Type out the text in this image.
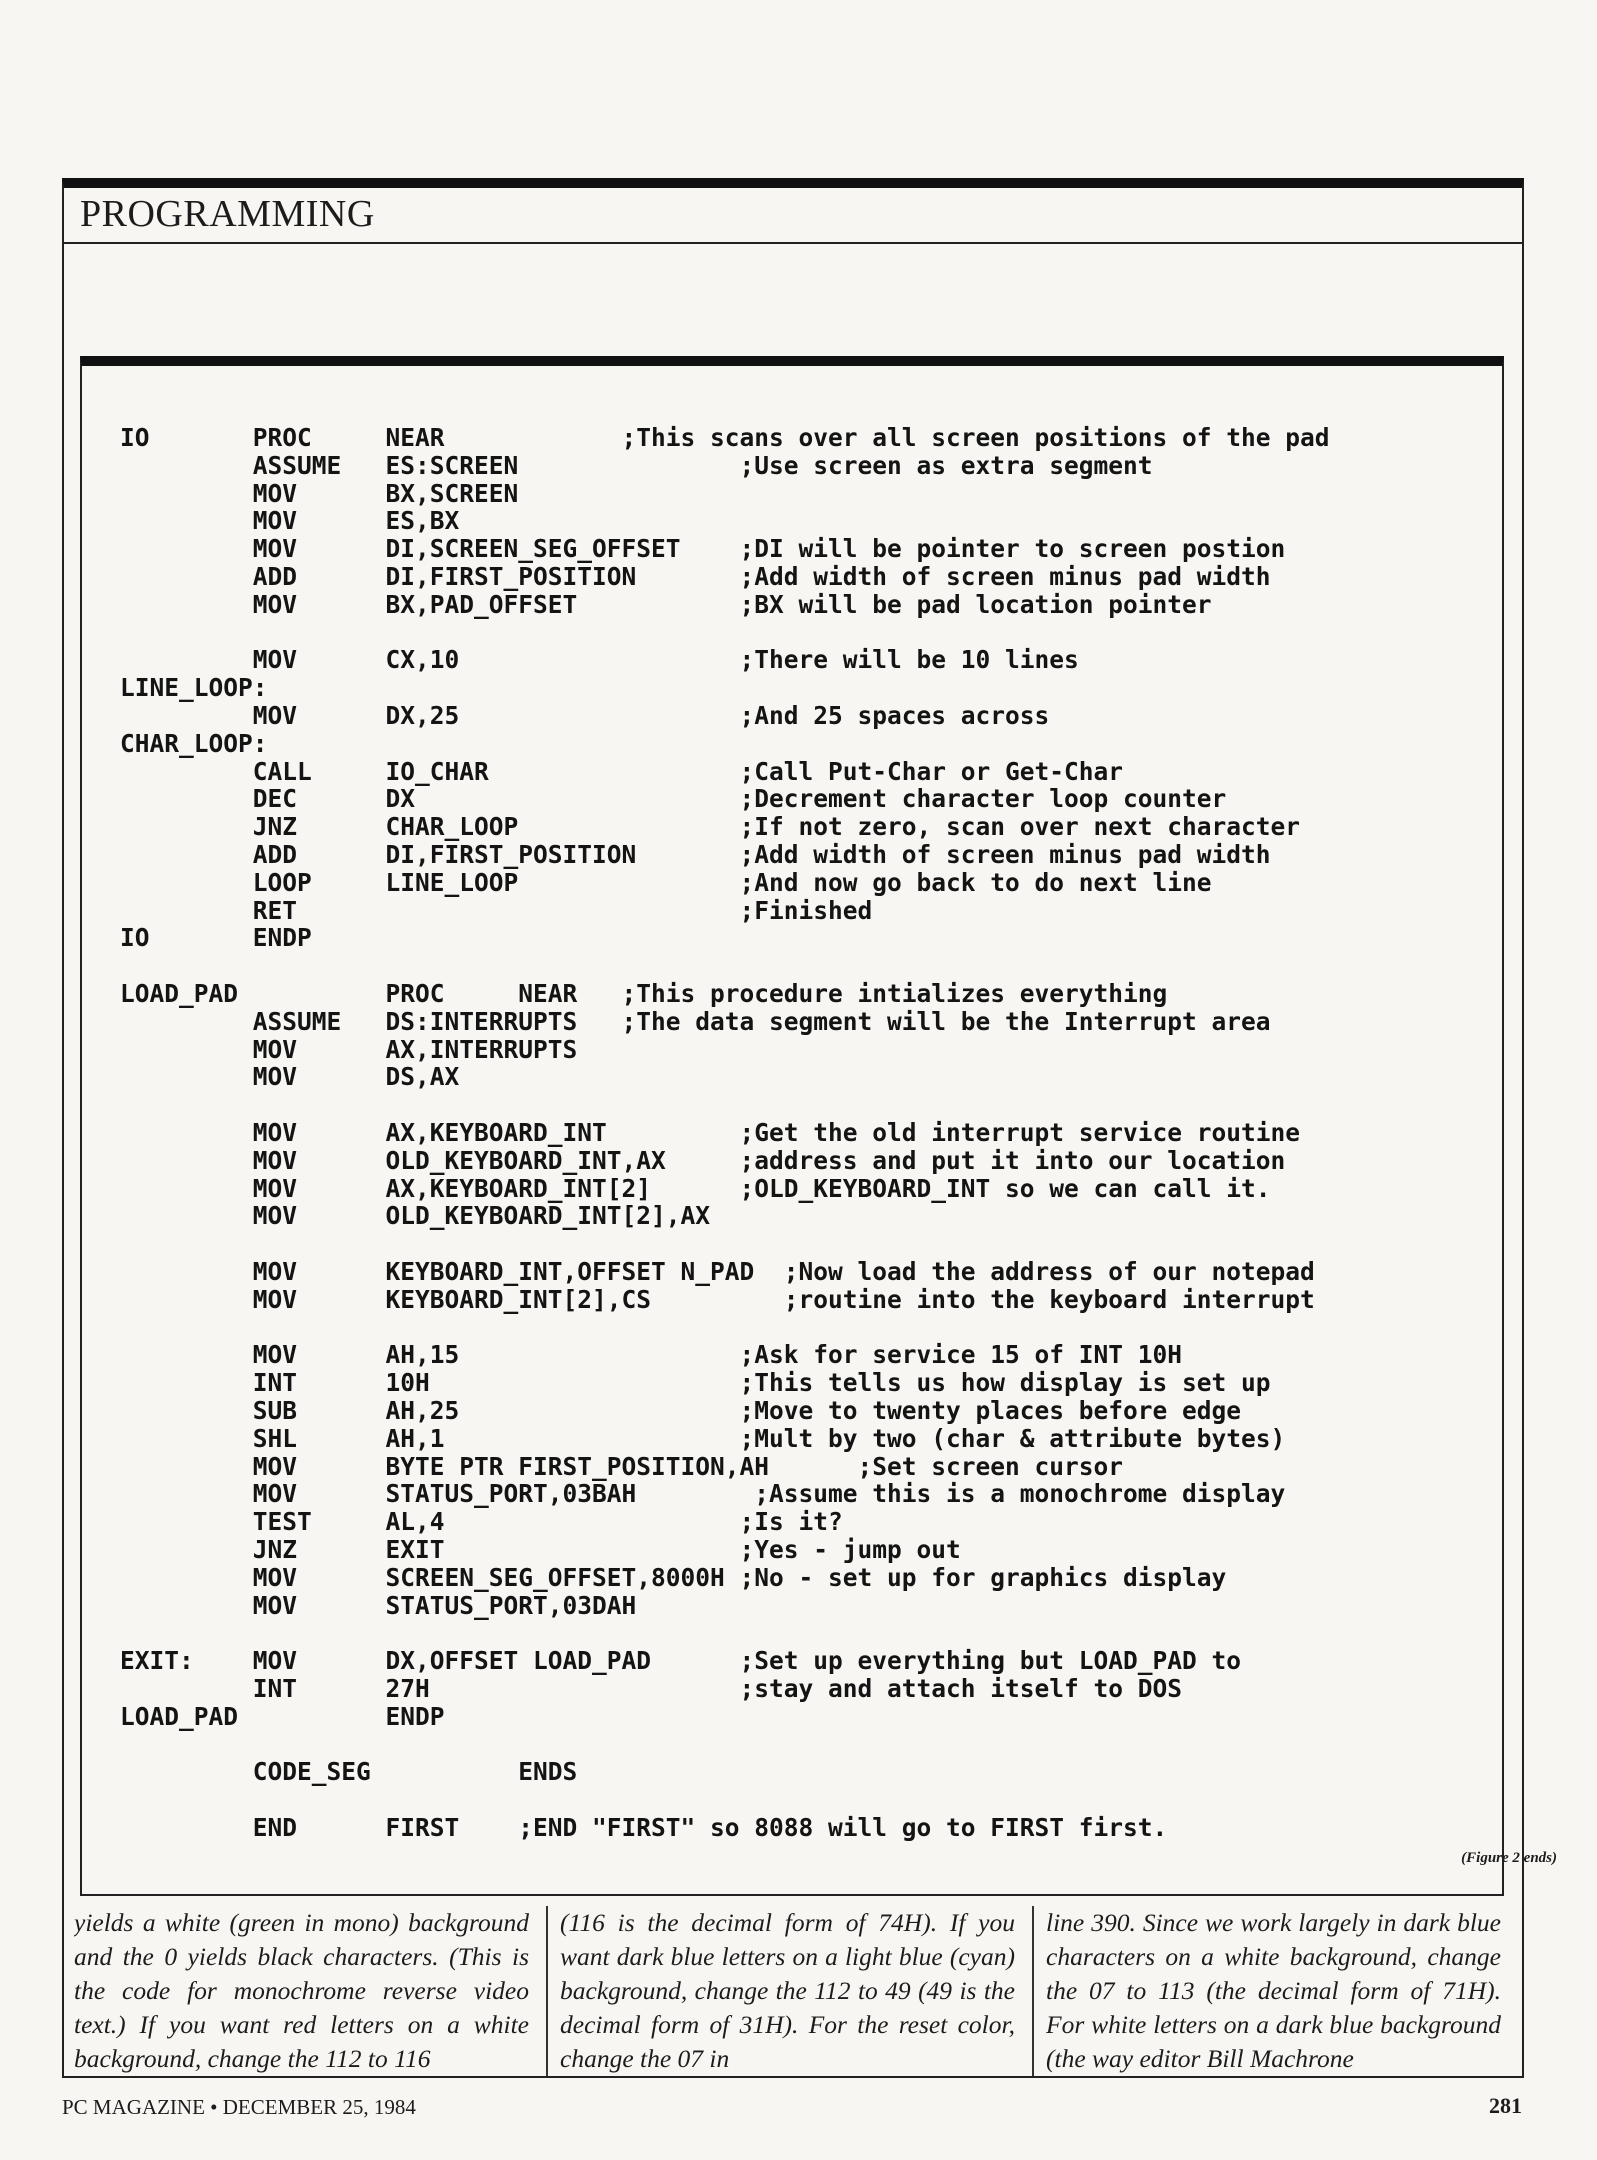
PROGRAMMING
IO       PROC     NEAR            ;This scans over all screen positions of the pad
ASSUME   ES:SCREEN               ;Use screen as extra segment
MOV      BX,SCREEN
MOV      ES,BX
MOV      DI,SCREEN_SEG_OFFSET    ;DI will be pointer to screen postion
ADD      DI,FIRST_POSITION       ;Add width of screen minus pad width
MOV      BX,PAD_OFFSET           ;BX will be pad location pointer
MOV      CX,10                   ;There will be 10 lines
LINE_LOOP:
MOV      DX,25                   ;And 25 spaces across
CHAR_LOOP:
CALL     IO_CHAR                 ;Call Put-Char or Get-Char
DEC      DX                      ;Decrement character loop counter
JNZ      CHAR_LOOP               ;If not zero, scan over next character
ADD      DI,FIRST_POSITION       ;Add width of screen minus pad width
LOOP     LINE_LOOP               ;And now go back to do next line
RET                              ;Finished
IO       ENDP
LOAD_PAD          PROC     NEAR   ;This procedure intializes everything
ASSUME   DS:INTERRUPTS   ;The data segment will be the Interrupt area
MOV      AX,INTERRUPTS
MOV      DS,AX
MOV      AX,KEYBOARD_INT         ;Get the old interrupt service routine
MOV      OLD_KEYBOARD_INT,AX     ;address and put it into our location
MOV      AX,KEYBOARD_INT[2]      ;OLD_KEYBOARD_INT so we can call it.
MOV      OLD_KEYBOARD_INT[2],AX
MOV      KEYBOARD_INT,OFFSET N_PAD  ;Now load the address of our notepad
MOV      KEYBOARD_INT[2],CS         ;routine into the keyboard interrupt
MOV      AH,15                   ;Ask for service 15 of INT 10H
INT      10H                     ;This tells us how display is set up
SUB      AH,25                   ;Move to twenty places before edge
SHL      AH,1                    ;Mult by two (char & attribute bytes)
MOV      BYTE PTR FIRST_POSITION,AH      ;Set screen cursor
MOV      STATUS_PORT,03BAH        ;Assume this is a monochrome display
TEST     AL,4                    ;Is it?
JNZ      EXIT                    ;Yes - jump out
MOV      SCREEN_SEG_OFFSET,8000H ;No - set up for graphics display
MOV      STATUS_PORT,03DAH
EXIT:    MOV      DX,OFFSET LOAD_PAD      ;Set up everything but LOAD_PAD to
INT      27H                     ;stay and attach itself to DOS
LOAD_PAD          ENDP
CODE_SEG          ENDS
END      FIRST    ;END "FIRST" so 8088 will go to FIRST first.
(Figure 2 ends)
yields a white (green in mono) background and the 0 yields black characters. (This is the code for monochrome reverse video text.) If you want red letters on a white background, change the 112 to 116
(116 is the decimal form of 74H). If you want dark blue letters on a light blue (cyan) background, change the 112 to 49 (49 is the decimal form of 31H). For the reset color, change the 07 in
line 390. Since we work largely in dark blue characters on a white background, change the 07 to 113 (the decimal form of 71H). For white letters on a dark blue background (the way editor Bill Machrone
PC MAGAZINE • DECEMBER 25, 1984	281
